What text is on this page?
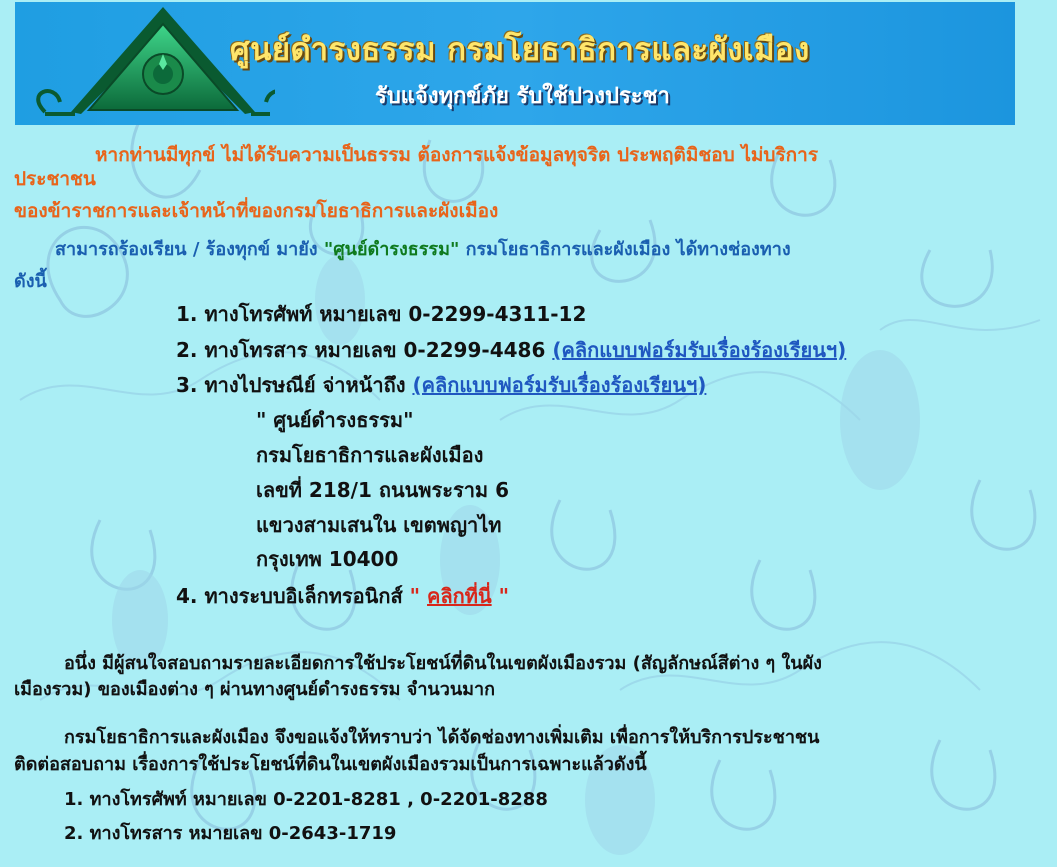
ศูนย์ดำรงธรรม กรมโยธาธิการและผังเมือง
รับแจ้งทุกข์ภัย รับใช้ปวงประชา
หากท่านมีทุกข์ ไม่ได้รับความเป็นธรรม ต้องการแจ้งข้อมูลทุจริต ประพฤติมิชอบ ไม่บริการ
ประชาชน
ของข้าราชการและเจ้าหน้าที่ของกรมโยธาธิการและผังเมือง
สามารถร้องเรียน / ร้องทุกข์ มายัง "ศูนย์ดำรงธรรม" กรมโยธาธิการและผังเมือง ได้ทางช่องทาง
ดังนี้
1. ทางโทรศัพท์ หมายเลข 0-2299-4311-12
2. ทางโทรสาร หมายเลข 0-2299-4486 (คลิกแบบฟอร์มรับเรื่องร้องเรียนฯ)
3. ทางไปรษณีย์ จ่าหน้าถึง (คลิกแบบฟอร์มรับเรื่องร้องเรียนฯ)
" ศูนย์ดำรงธรรม"
กรมโยธาธิการและผังเมือง
เลขที่ 218/1 ถนนพระราม 6
แขวงสามเสนใน เขตพญาไท
กรุงเทพ 10400
4. ทางระบบอิเล็กทรอนิกส์ " คลิกที่นี่ "
อนึ่ง มีผู้สนใจสอบถามรายละเอียดการใช้ประโยชน์ที่ดินในเขตผังเมืองรวม (สัญลักษณ์สีต่าง ๆ ในผัง
เมืองรวม) ของเมืองต่าง ๆ ผ่านทางศูนย์ดำรงธรรม จำนวนมาก
กรมโยธาธิการและผังเมือง จึงขอแจ้งให้ทราบว่า ได้จัดช่องทางเพิ่มเติม เพื่อการให้บริการประชาชน
ติดต่อสอบถาม เรื่องการใช้ประโยชน์ที่ดินในเขตผังเมืองรวมเป็นการเฉพาะแล้วดังนี้
1. ทางโทรศัพท์ หมายเลข 0-2201-8281 , 0-2201-8288
2. ทางโทรสาร หมายเลข 0-2643-1719
